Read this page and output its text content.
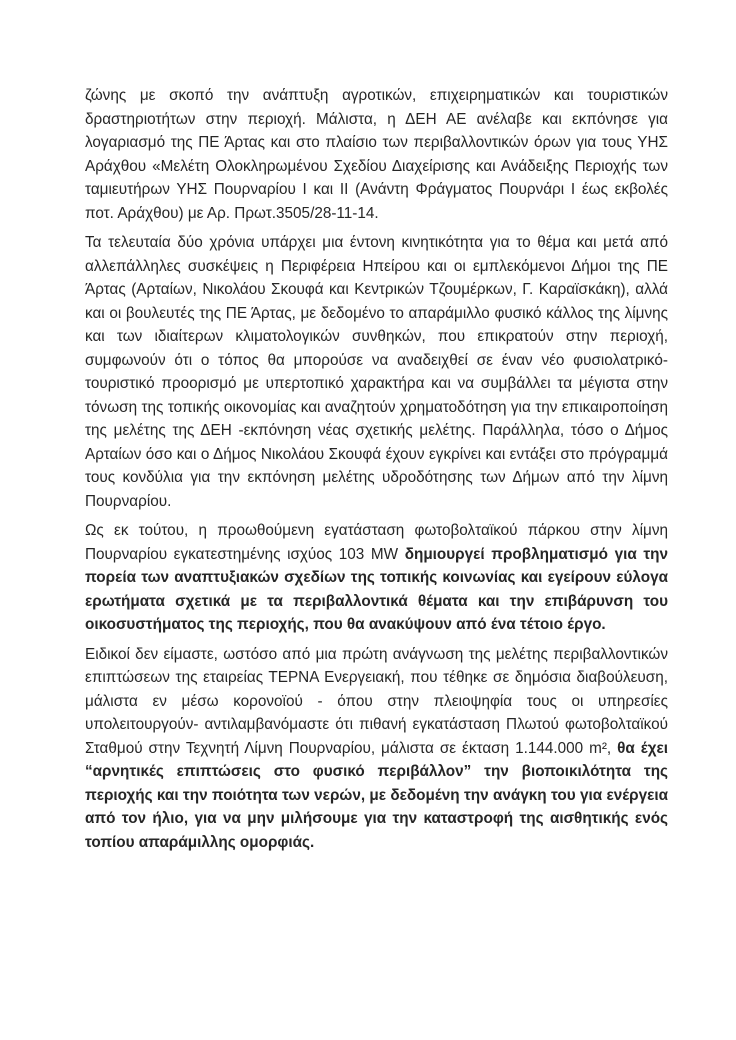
ζώνης με σκοπό την ανάπτυξη αγροτικών, επιχειρηματικών και τουριστικών δραστηριοτήτων στην περιοχή. Μάλιστα, η ΔΕΗ ΑΕ ανέλαβε και εκπόνησε για λογαριασμό της ΠΕ Άρτας και στο πλαίσιο των περιβαλλοντικών όρων για τους ΥΗΣ Αράχθου «Μελέτη Ολοκληρωμένου Σχεδίου Διαχείρισης και Ανάδειξης Περιοχής των ταμιευτήρων ΥΗΣ Πουρναρίου Ι και ΙΙ (Ανάντη Φράγματος Πουρνάρι Ι έως εκβολές ποτ. Αράχθου) με Αρ. Πρωτ.3505/28-11-14.

Τα τελευταία δύο χρόνια υπάρχει μια έντονη κινητικότητα για το θέμα και μετά από αλλεπάλληλες συσκέψεις η Περιφέρεια Ηπείρου και οι εμπλεκόμενοι Δήμοι της ΠΕ Άρτας (Αρταίων, Νικολάου Σκουφά και Κεντρικών Τζουμέρκων, Γ. Καραϊσκάκη), αλλά και οι βουλευτές της ΠΕ Άρτας, με δεδομένο το απαράμιλλο φυσικό κάλλος της λίμνης και των ιδιαίτερων κλιματολογικών συνθηκών, που επικρατούν στην περιοχή, συμφωνούν ότι ο τόπος θα μπορούσε να αναδειχθεί σε έναν νέο φυσιολατρικό- τουριστικό προορισμό με υπερτοπικό χαρακτήρα και να συμβάλλει τα μέγιστα στην τόνωση της τοπικής οικονομίας και αναζητούν χρηματοδότηση για την επικαιροποίηση της μελέτης της ΔΕΗ -εκπόνηση νέας σχετικής μελέτης. Παράλληλα, τόσο ο Δήμος Αρταίων όσο και ο Δήμος Νικολάου Σκουφά έχουν εγκρίνει και εντάξει στο πρόγραμμά τους κονδύλια για την εκπόνηση μελέτης υδροδότησης των Δήμων από την λίμνη Πουρναρίου.

Ως εκ τούτου, η προωθούμενη εγατάσταση φωτοβολταϊκού πάρκου στην λίμνη Πουρναρίου εγκατεστημένης ισχύος 103 MW δημιουργεί προβληματισμό για την πορεία των αναπτυξιακών σχεδίων της τοπικής κοινωνίας και εγείρουν εύλογα ερωτήματα σχετικά με τα περιβαλλοντικά θέματα και την επιβάρυνση του οικοσυστήματος της περιοχής, που θα ανακύψουν από ένα τέτοιο έργο.

Ειδικοί δεν είμαστε, ωστόσο από μια πρώτη ανάγνωση της μελέτης περιβαλλοντικών επιπτώσεων της εταιρείας ΤΕΡΝΑ Ενεργειακή, που τέθηκε σε δημόσια διαβούλευση, μάλιστα εν μέσω κορονοϊού - όπου στην πλειοψηφία τους οι υπηρεσίες υπολειτουργούν- αντιλαμβανόμαστε ότι πιθανή εγκατάσταση Πλωτού φωτοβολταϊκού Σταθμού στην Τεχνητή Λίμνη Πουρναρίου, μάλιστα σε έκταση 1.144.000 m², θα έχει “αρνητικές επιπτώσεις στο φυσικό περιβάλλον” την βιοποικιλότητα της περιοχής και την ποιότητα των νερών, με δεδομένη την ανάγκη του για ενέργεια από τον ήλιο, για να μην μιλήσουμε για την καταστροφή της αισθητικής ενός τοπίου απαράμιλλης ομορφιάς.
